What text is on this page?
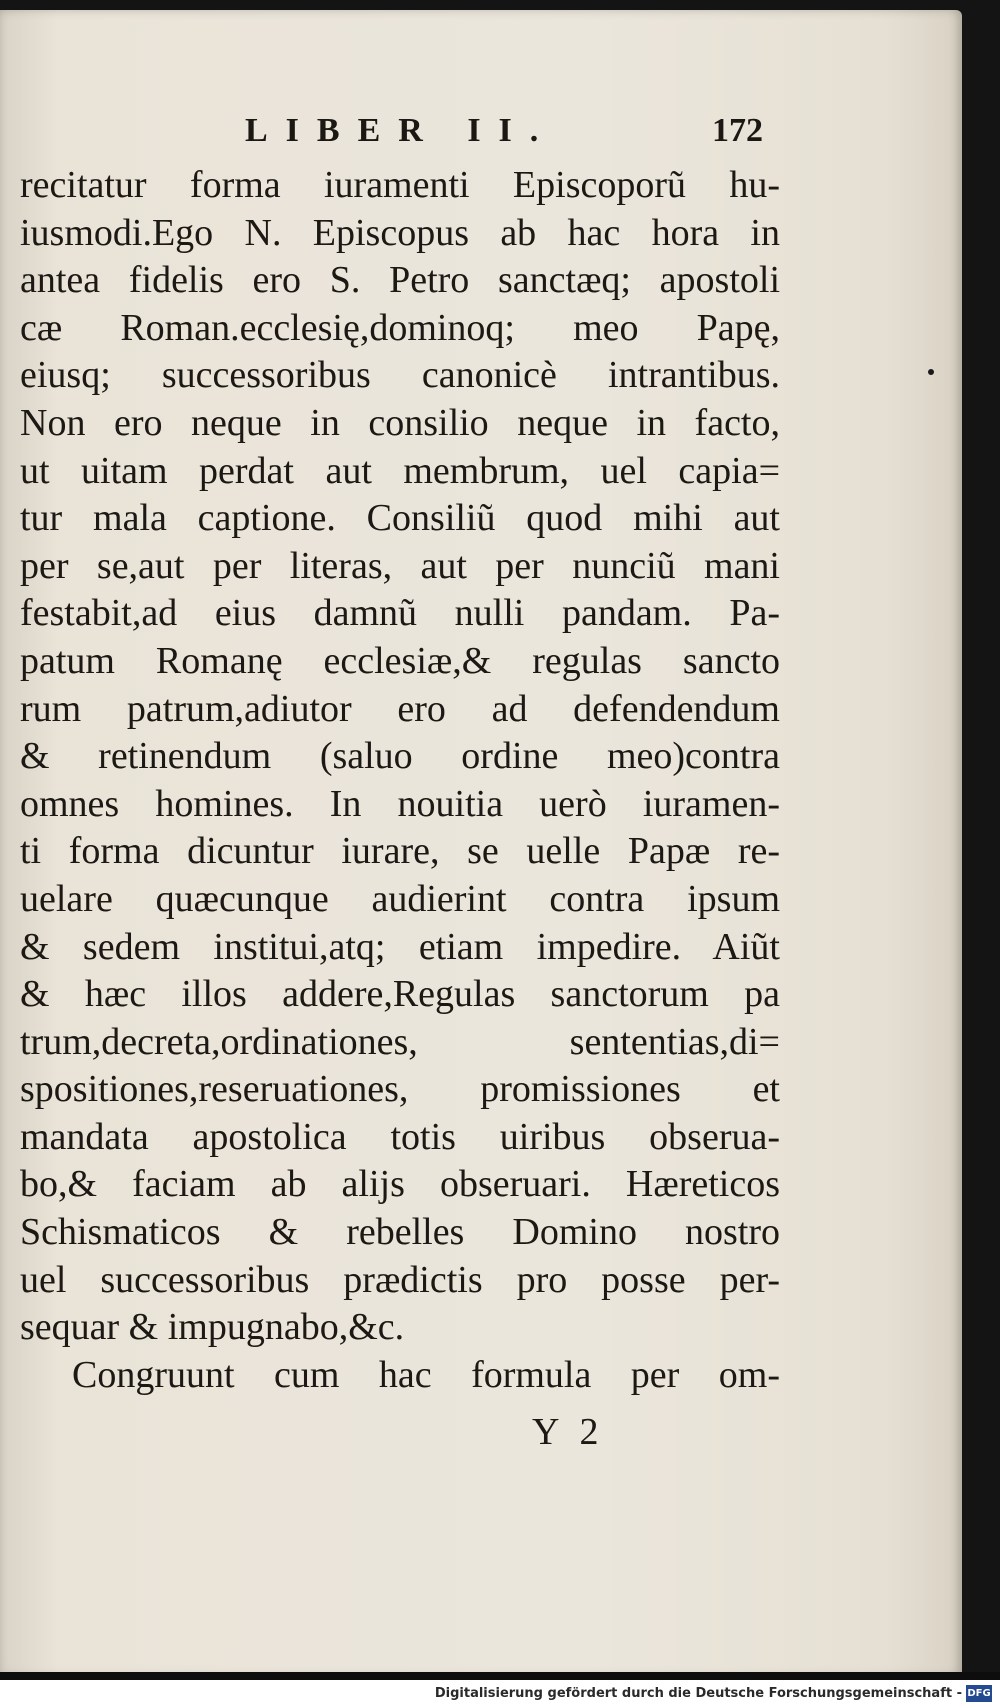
LIBER II.	172
recitatur forma iuramenti Episcoporũ hu-
iusmodi.Ego N. Episcopus ab hac hora in
antea fidelis ero S. Petro sanctæq; apostoli
cæ Roman.ecclesię,dominoq; meo Papę,
eiusq; successoribus canonicè intrantibus.
Non ero neque in consilio neque in facto,
ut uitam perdat aut membrum, uel capia=
tur mala captione. Consiliũ quod mihi aut
per se,aut per literas, aut per nunciũ mani
festabit,ad eius damnũ nulli pandam. Pa-
patum Romanę ecclesiæ,& regulas sancto
rum patrum,adiutor ero ad defendendum
& retinendum (saluo ordine meo)contra
omnes homines. In nouitia uerò iuramen-
ti forma dicuntur iurare, se uelle Papæ re-
uelare quæcunque audierint contra ipsum
& sedem institui,atq; etiam impedire. Aiũt
& hæc illos addere,Regulas sanctorum pa
trum,decreta,ordinationes, sententias,di=
spositiones,reseruationes, promissiones et
mandata apostolica totis uiribus obserua-
bo,& faciam ab alijs obseruari. Hæreticos
Schismaticos & rebelles Domino nostro
uel successoribus prædictis pro posse per-
sequar & impugnabo,&c.
Congruunt cum hac formula per om-
Y 2
Digitalisierung gefördert durch die Deutsche Forschungsgemeinschaft - DFG
